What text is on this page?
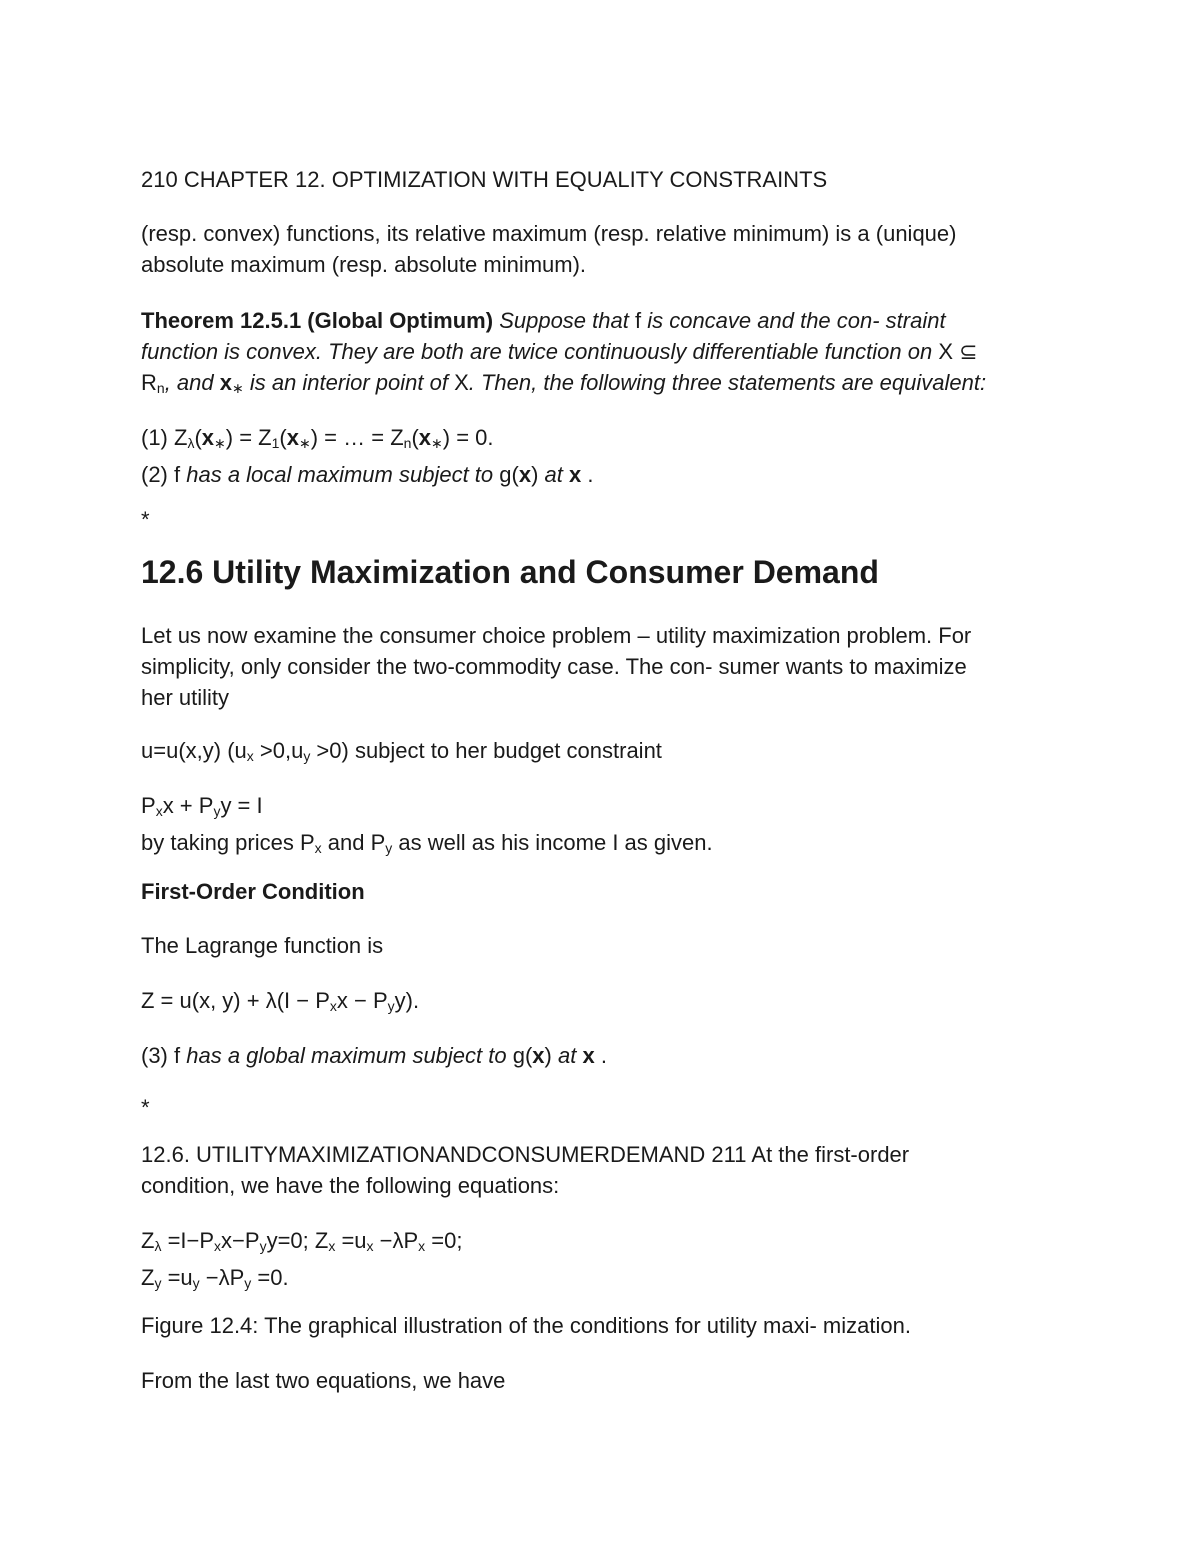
210 CHAPTER 12. OPTIMIZATION WITH EQUALITY CONSTRAINTS

(resp. convex) functions, its relative maximum (resp. relative minimum) is a (unique)
absolute maximum (resp. absolute minimum).

Theorem 12.5.1 (Global Optimum) Suppose that f is concave and the con- straint
function is convex. They are both are twice continuously differentiable function on X ⊆
$R_n$, and $x_∗$ is an interior point of X. Then, the following three statements are equivalent:

(1) $Z_\lambda(x_∗) = Z_1(x_∗)$ = … = $Z_n(x_∗) = 0$.
(2) f has a local maximum subject to g(x) at x .

*

12.6 Utility Maximization and Consumer Demand

Let us now examine the consumer choice problem – utility maximization problem. For
simplicity, only consider the two-commodity case. The con- sumer wants to maximize
her utility

u=u(x,y) $(u_x >0,u_y >0)$ subject to her budget constraint

$P_xx + P_yy = I$
by taking prices $P_x$ and $P_y$ as well as his income I as given.

First-Order Condition

The Lagrange function is

Z = u(x, $y) + \lambda(I - P_xx - P_yy)$.

(3) f has a global maximum subject to g(x) at x .

*

12.6. UTILITYMAXIMIZATIONANDCONSUMERDEMAND 211 At the first-order
condition, we have the following equations:

$Z_\lambda =I-P_xx-P_yy=0$; $Z_x =u_x -\lambda P_x =0$;
$Z_y =u_y -\lambda P_y =0$.

Figure 12.4: The graphical illustration of the conditions for utility maxi- mization.

From the last two equations, we have
